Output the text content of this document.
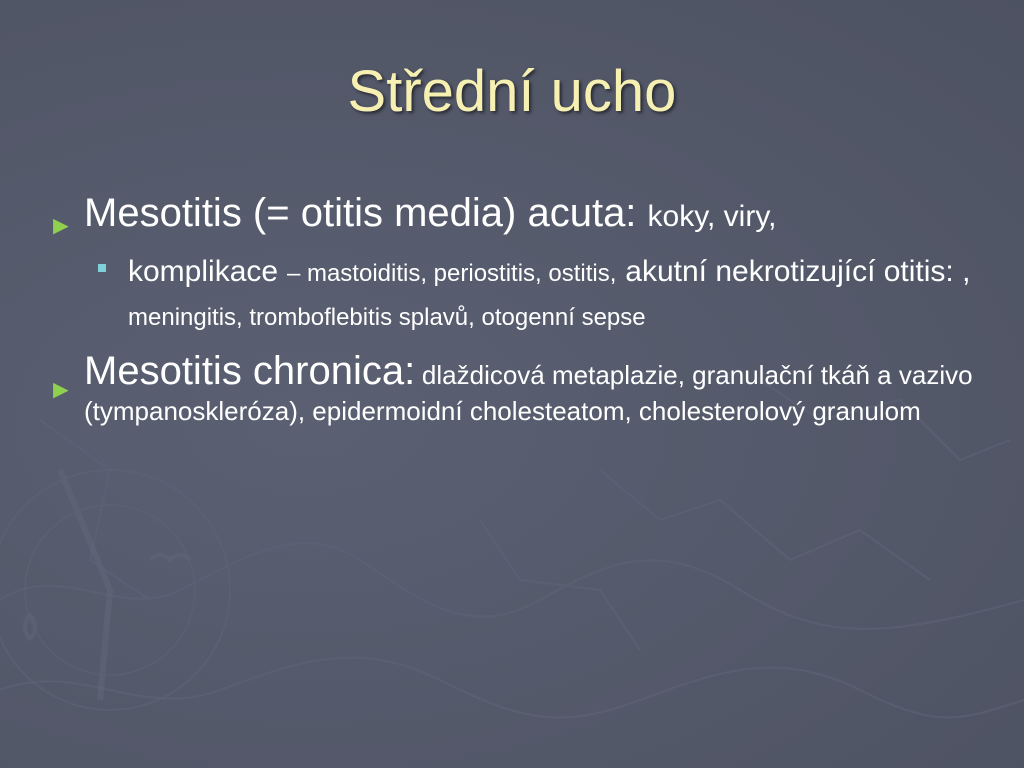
Střední ucho
► Mesotitis (= otitis media) acuta: koky, viry,
komplikace – mastoiditis, periostitis, ostitis, akutní nekrotizující otitis: , meningitis, tromboflebitis splavů, otogenní sepse
► Mesotitis chronica: dlaždicová metaplazie, granulační tkáň a vazivo (tympanoskleróza), epidermoidní cholesteatom, cholesterolový granulom
